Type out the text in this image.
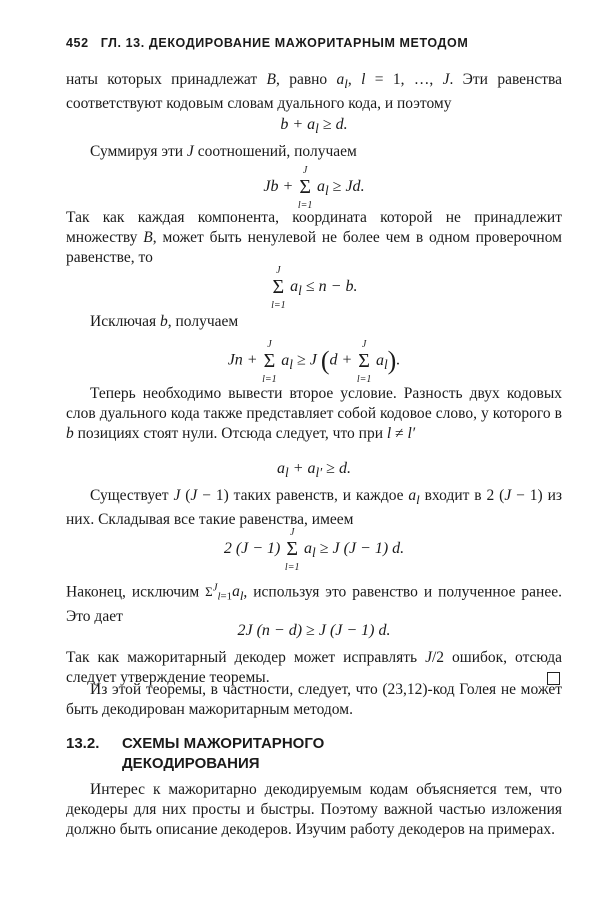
452 ГЛ. 13. ДЕКОДИРОВАНИЕ МАЖОРИТАРНЫМ МЕТОДОМ
наты которых принадлежат B, равно $a_l$, l = 1, …, J. Эти равенства соответствуют кодовым словам дуального кода, и поэтому
$b + a_l \ge d$.
Суммируя эти J соотношений, получаем
Jb +
J
Σ
l=1
$a_l \ge Jd$.
Так как каждая компонента, координата которой не принадлежит множеству B, может быть ненулевой не более чем в одном проверочном равенстве, то
J
Σ
l=1
$a_l \le n - b$.
Исключая b, получаем
Jn +
J
Σ
l=1
$a_l \ge J$ (d +
J
Σ
l=1
$a_l$).
Теперь необходимо вывести второе условие. Разность двух кодовых слов дуального кода также представляет собой кодовое слово, у которого в b позициях стоят нули. Отсюда следует, что при l ≠ l′
$a_l + a_{l'} \ge d$.
Существует J (J − 1) таких равенств, и каждое $a_l$ входит в 2 (J − 1) из них. Складывая все такие равенства, имеем
2 (J − 1)
J
Σ
l=1
$a_l \ge J$ (J − 1) d.
Наконец, исключим $\Sigma^J_{l=1}a_l$, используя это равенство и полученное ранее. Это дает
2J (n − d) ≥ J (J − 1) d.
Так как мажоритарный декодер может исправлять J/2 ошибок, отсюда следует утверждение теоремы.
Из этой теоремы, в частности, следует, что (23,12)-код Голея не может быть декодирован мажоритарным методом.
13.2. СХЕМЫ МАЖОРИТАРНОГО
ДЕКОДИРОВАНИЯ
Интерес к мажоритарно декодируемым кодам объясняется тем, что декодеры для них просты и быстры. Поэтому важной частью изложения должно быть описание декодеров. Изучим работу декодеров на примерах.
